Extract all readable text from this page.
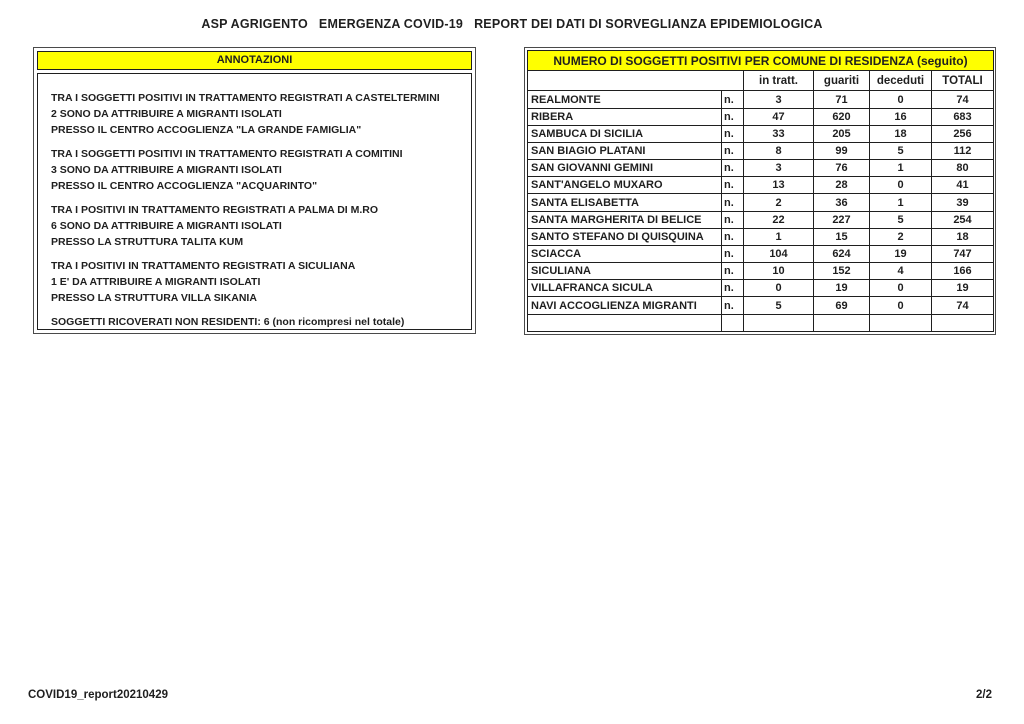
ASP AGRIGENTO   EMERGENZA COVID-19   REPORT DEI DATI DI SORVEGLIANZA EPIDEMIOLOGICA
ANNOTAZIONI
TRA I SOGGETTI POSITIVI IN TRATTAMENTO REGISTRATI A CASTELTERMINI
2 SONO DA ATTRIBUIRE A MIGRANTI ISOLATI
PRESSO IL CENTRO ACCOGLIENZA "LA GRANDE FAMIGLIA"
TRA I SOGGETTI POSITIVI IN TRATTAMENTO REGISTRATI A COMITINI
3 SONO DA ATTRIBUIRE A MIGRANTI ISOLATI
PRESSO IL CENTRO ACCOGLIENZA "ACQUARINTO"
TRA I POSITIVI IN TRATTAMENTO REGISTRATI A PALMA DI M.RO
6 SONO DA ATTRIBUIRE A MIGRANTI ISOLATI
PRESSO LA STRUTTURA TALITA KUM
TRA I POSITIVI IN TRATTAMENTO REGISTRATI A SICULIANA
1 E' DA ATTRIBUIRE A MIGRANTI ISOLATI
PRESSO LA STRUTTURA VILLA SIKANIA
SOGGETTI RICOVERATI NON RESIDENTI: 6 (non ricompresi nel totale)
NUMERO DI SOGGETTI POSITIVI PER COMUNE DI RESIDENZA (seguito)					
		in tratt.	guariti	deceduti	TOTALI
REALMONTE	n.	3	71	0	74
RIBERA	n.	47	620	16	683
SAMBUCA DI SICILIA	n.	33	205	18	256
SAN BIAGIO PLATANI	n.	8	99	5	112
SAN GIOVANNI GEMINI	n.	3	76	1	80
SANT'ANGELO MUXARO	n.	13	28	0	41
SANTA ELISABETTA	n.	2	36	1	39
SANTA MARGHERITA DI BELICE	n.	22	227	5	254
SANTO STEFANO DI QUISQUINA	n.	1	15	2	18
SCIACCA	n.	104	624	19	747
SICULIANA	n.	10	152	4	166
VILLAFRANCA SICULA	n.	0	19	0	19
NAVI ACCOGLIENZA MIGRANTI	n.	5	69	0	74

COVID19_report20210429	2/2
